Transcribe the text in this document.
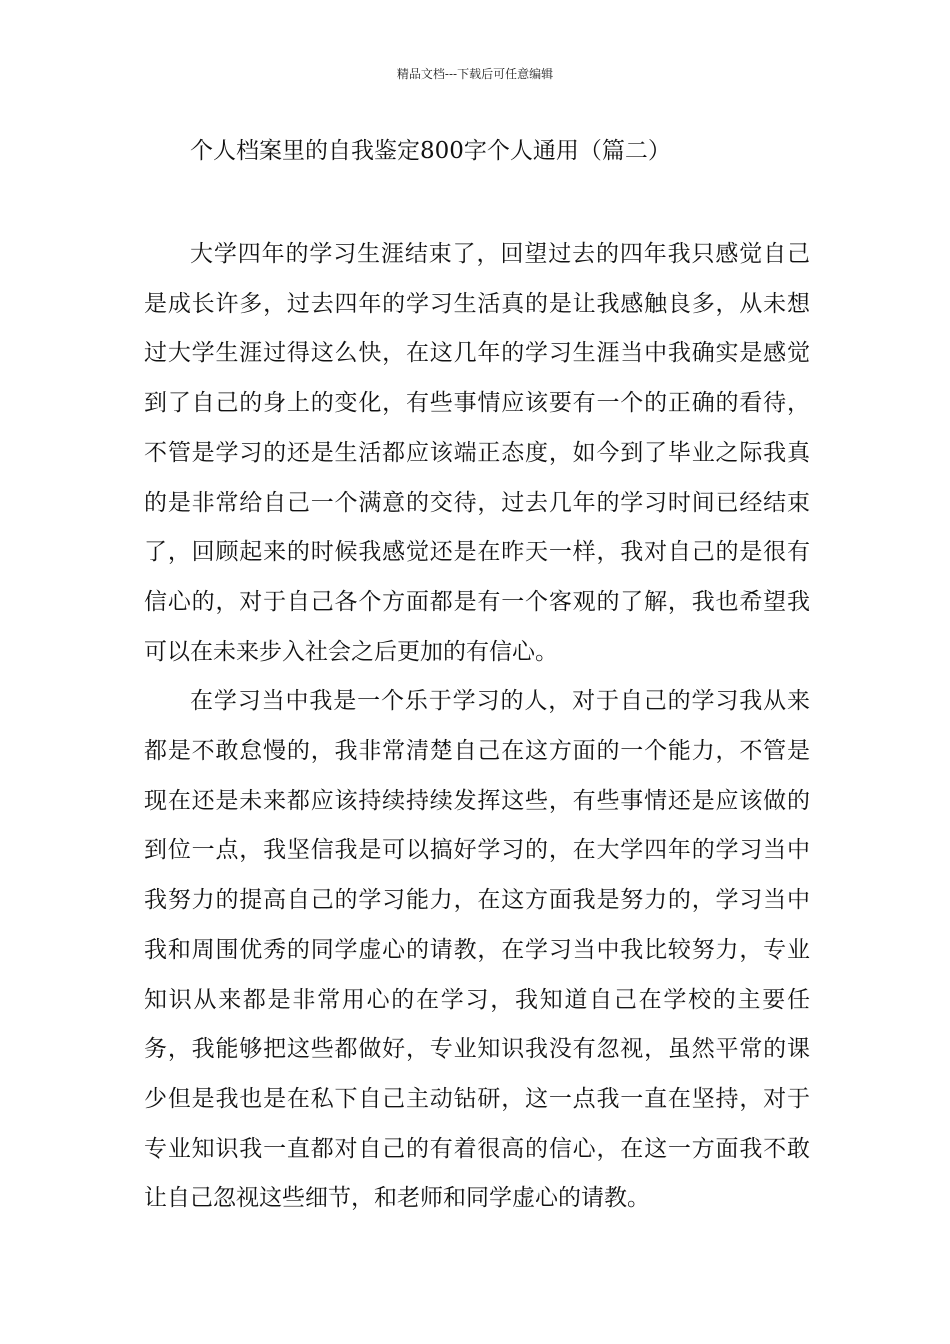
精品文档---下载后可任意编辑
个人档案里的自我鉴定800字个人通用（篇二）

大学四年的学习生涯结束了，回望过去的四年我只感觉自己是成长许多，过去四年的学习生活真的是让我感触良多，从未想过大学生涯过得这么快，在这几年的学习生涯当中我确实是感觉到了自己的身上的变化，有些事情应该要有一个的正确的看待，不管是学习的还是生活都应该端正态度，如今到了毕业之际我真的是非常给自己一个满意的交待，过去几年的学习时间已经结束了，回顾起来的时候我感觉还是在昨天一样，我对自己的是很有信心的，对于自己各个方面都是有一个客观的了解，我也希望我可以在未来步入社会之后更加的有信心。

在学习当中我是一个乐于学习的人，对于自己的学习我从来都是不敢怠慢的，我非常清楚自己在这方面的一个能力，不管是现在还是未来都应该持续持续发挥这些，有些事情还是应该做的到位一点，我坚信我是可以搞好学习的，在大学四年的学习当中我努力的提高自己的学习能力，在这方面我是努力的，学习当中我和周围优秀的同学虚心的请教，在学习当中我比较努力，专业知识从来都是非常用心的在学习，我知道自己在学校的主要任务，我能够把这些都做好，专业知识我没有忽视，虽然平常的课少但是我也是在私下自己主动钻研，这一点我一直在坚持，对于专业知识我一直都对自己的有着很高的信心，在这一方面我不敢让自己忽视这些细节，和老师和同学虚心的请教。
